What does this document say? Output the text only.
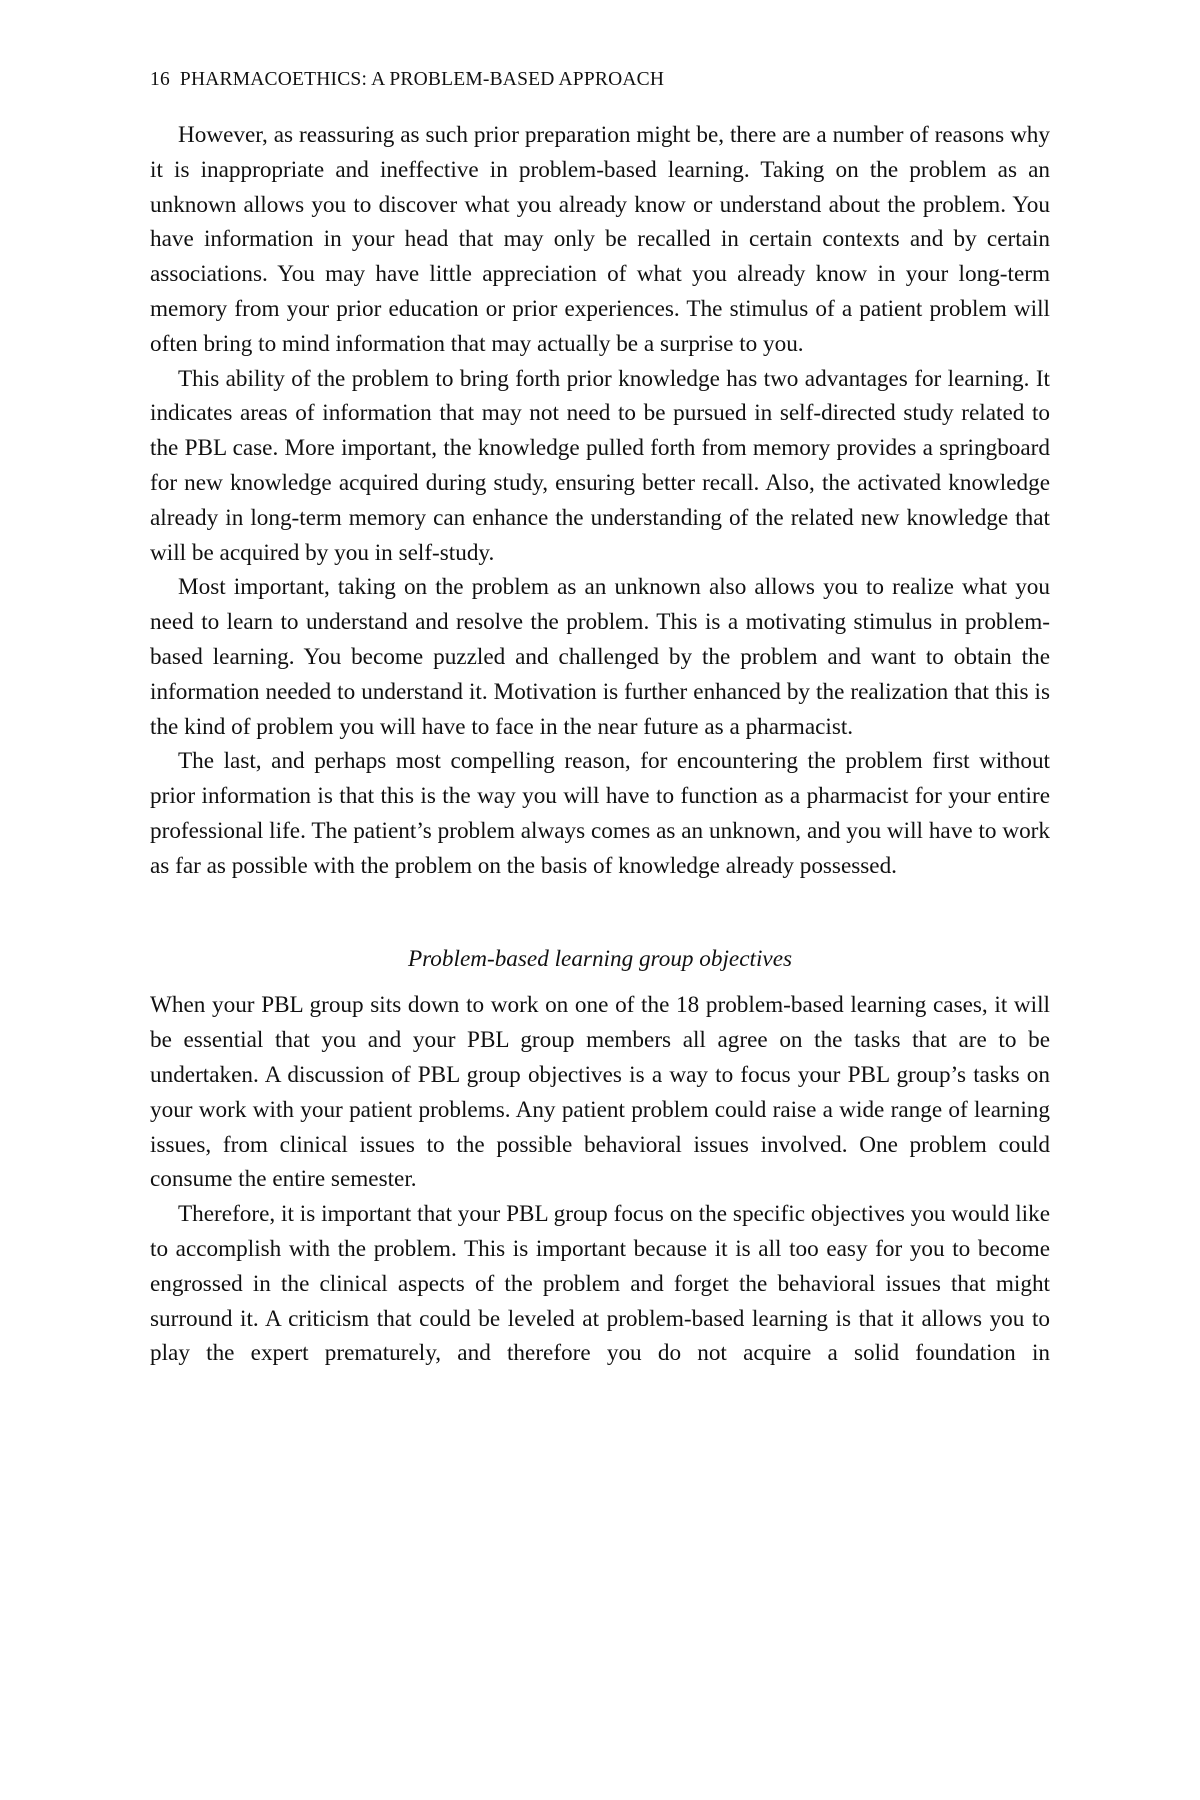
16 PHARMACOETHICS: A PROBLEM-BASED APPROACH

However, as reassuring as such prior preparation might be, there are a number of reasons why it is inappropriate and ineffective in problem-based learning. Taking on the problem as an unknown allows you to discover what you already know or understand about the problem. You have information in your head that may only be recalled in certain contexts and by certain associations. You may have little appreciation of what you already know in your long-term memory from your prior education or prior experiences. The stimulus of a patient problem will often bring to mind information that may actually be a surprise to you.

This ability of the problem to bring forth prior knowledge has two advantages for learning. It indicates areas of information that may not need to be pursued in self-directed study related to the PBL case. More important, the knowledge pulled forth from memory provides a springboard for new knowledge acquired during study, ensuring better recall. Also, the activated knowledge already in long-term memory can enhance the understanding of the related new knowledge that will be acquired by you in self-study.

Most important, taking on the problem as an unknown also allows you to realize what you need to learn to understand and resolve the problem. This is a motivating stimulus in problem-based learning. You become puzzled and challenged by the problem and want to obtain the information needed to understand it. Motivation is further enhanced by the realization that this is the kind of problem you will have to face in the near future as a pharmacist.

The last, and perhaps most compelling reason, for encountering the problem first without prior information is that this is the way you will have to function as a pharmacist for your entire professional life. The patient’s problem always comes as an unknown, and you will have to work as far as possible with the problem on the basis of knowledge already possessed.

Problem-based learning group objectives

When your PBL group sits down to work on one of the 18 problem-based learning cases, it will be essential that you and your PBL group members all agree on the tasks that are to be undertaken. A discussion of PBL group objectives is a way to focus your PBL group’s tasks on your work with your patient problems. Any patient problem could raise a wide range of learning issues, from clinical issues to the possible behavioral issues involved. One problem could consume the entire semester.

Therefore, it is important that your PBL group focus on the specific objectives you would like to accomplish with the problem. This is important because it is all too easy for you to become engrossed in the clinical aspects of the problem and forget the behavioral issues that might surround it. A criticism that could be leveled at problem-based learning is that it allows you to play the expert prematurely, and therefore you do not acquire a solid foundation in
